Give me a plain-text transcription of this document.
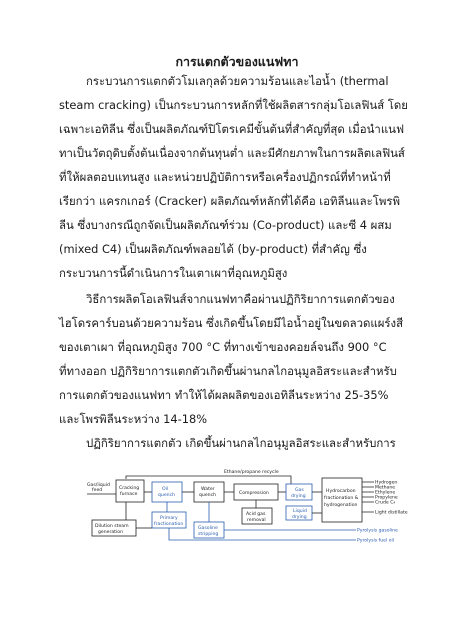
การแตกตัวของแนฟทา
กระบวนการแตกตัวโมเลกุลด้วยความร้อนและไอน้ำ (thermal
steam cracking) เป็นกระบวนการหลักที่ใช้ผลิตสารกลุ่มโอเลฟินส์ โดย
เฉพาะเอทิลีน ซึ่งเป็นผลิตภัณฑ์ปิโตรเคมีขั้นต้นที่สำคัญที่สุด เมื่อนำแนฟ
ทาเป็นวัตถุดิบตั้งต้นเนื่องจากต้นทุนต่ำ และมีศักยภาพในการผลิตเลฟินส์
ที่ให้ผลตอบแทนสูง และหน่วยปฏิบัติการหรือเครื่องปฏิกรณ์ที่ทำหน้าที่
เรียกว่า แครกเกอร์ (Cracker) ผลิตภัณฑ์หลักที่ได้คือ เอทิลีนและโพรพิ
ลีน ซึ่งบางกรณีถูกจัดเป็นผลิตภัณฑ์ร่วม (Co-product) และซี 4 ผสม
(mixed C4) เป็นผลิตภัณฑ์พลอยได้ (by-product) ที่สำคัญ ซึ่ง
กระบวนการนี้ดำเนินการในเตาเผาที่อุณหภูมิสูง
วิธีการผลิตโอเลฟินส์จากแนฟทาคือผ่านปฏิกิริยาการแตกตัวของ
ไฮโดรคาร์บอนด้วยความร้อน ซึ่งเกิดขึ้นโดยมีไอน้ำอยู่ในขดลวดแผร์งสี
ของเตาเผา ที่อุณหภูมิสูง 700 °C ที่ทางเข้าของคอยล์จนถึง 900 °C
ที่ทางออก ปฏิกิริยาการแตกตัวเกิดขึ้นผ่านกลไกอนุมูลอิสระและสำหรับ
การแตกตัวของแนฟทา ทำให้ได้ผลผลิตของเอทิลีนระหว่าง 25-35%
และโพรพิลีนระหว่าง 14-18%
ปฏิกิริยาการแตกตัว เกิดขึ้นผ่านกลไกอนุมูลอิสระและสำหรับการ
Ethane/propane recycle
Gas/liquid
feed	Cracking
furnace
Oil
quench
Primary
fractionation
Water
quench	Compression
Acid gas
removal
Gas
drying
Liquid
drying
Hydrocarbon
fractionation &
hydrogenation
Hydrogen
Methane
Ethylene
Propylene
Crude C₄
Light distillate
Dilution steam
generation
Gasoline
stripping
Pyrolysis gasoline
Pyrolysis fuel oil
